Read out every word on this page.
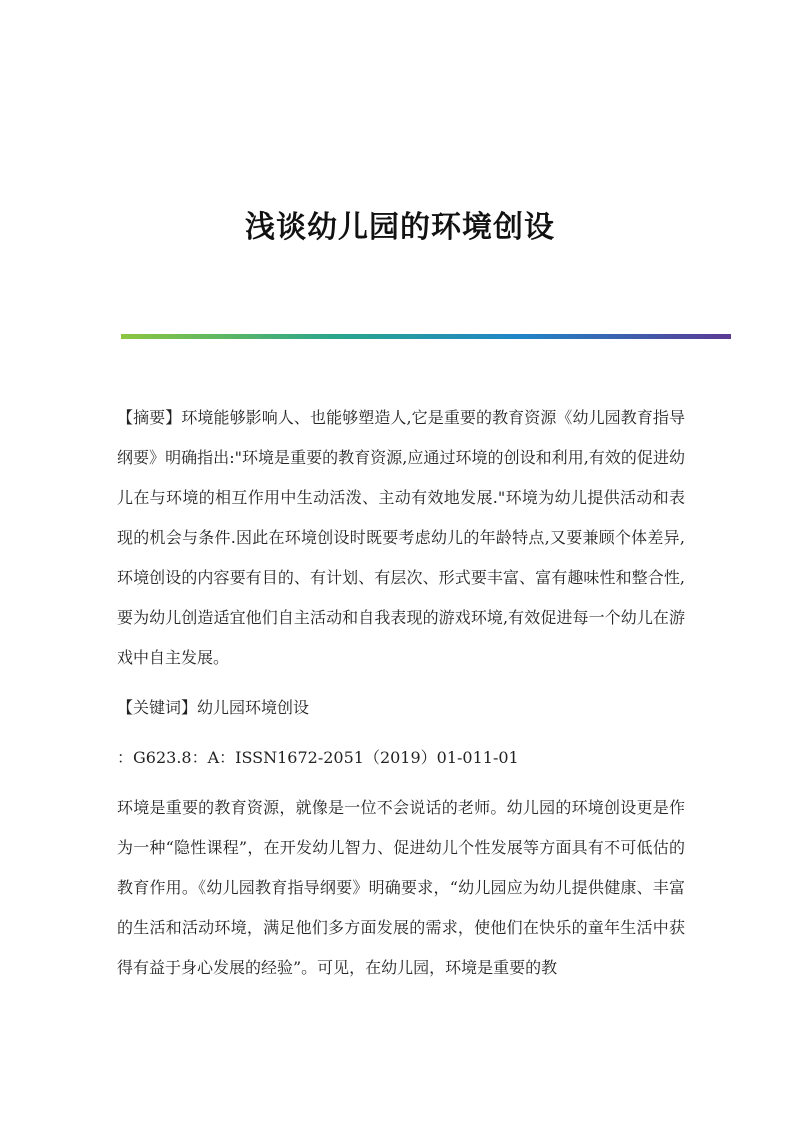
浅谈幼儿园的环境创设

【摘要】环境能够影响人、也能够塑造人,它是重要的教育资源《幼儿园教育指导纲要》明确指出:"环境是重要的教育资源,应通过环境的创设和利用,有效的促进幼儿在与环境的相互作用中生动活泼、主动有效地发展."环境为幼儿提供活动和表现的机会与条件.因此在环境创设时既要考虑幼儿的年龄特点,又要兼顾个体差异,环境创设的内容要有目的、有计划、有层次、形式要丰富、富有趣味性和整合性,要为幼儿创造适宜他们自主活动和自我表现的游戏环境,有效促进每一个幼儿在游戏中自主发展。

【关键词】幼儿园环境创设

：G623.8：A：ISSN1672-2051（2019）01-011-01

环境是重要的教育资源，就像是一位不会说话的老师。幼儿园的环境创设更是作为一种“隐性课程”，在开发幼儿智力、促进幼儿个性发展等方面具有不可低估的教育作用。《幼儿园教育指导纲要》明确要求，“幼儿园应为幼儿提供健康、丰富的生活和活动环境，满足他们多方面发展的需求，使他们在快乐的童年生活中获得有益于身心发展的经验”。可见，在幼儿园，环境是重要的教
